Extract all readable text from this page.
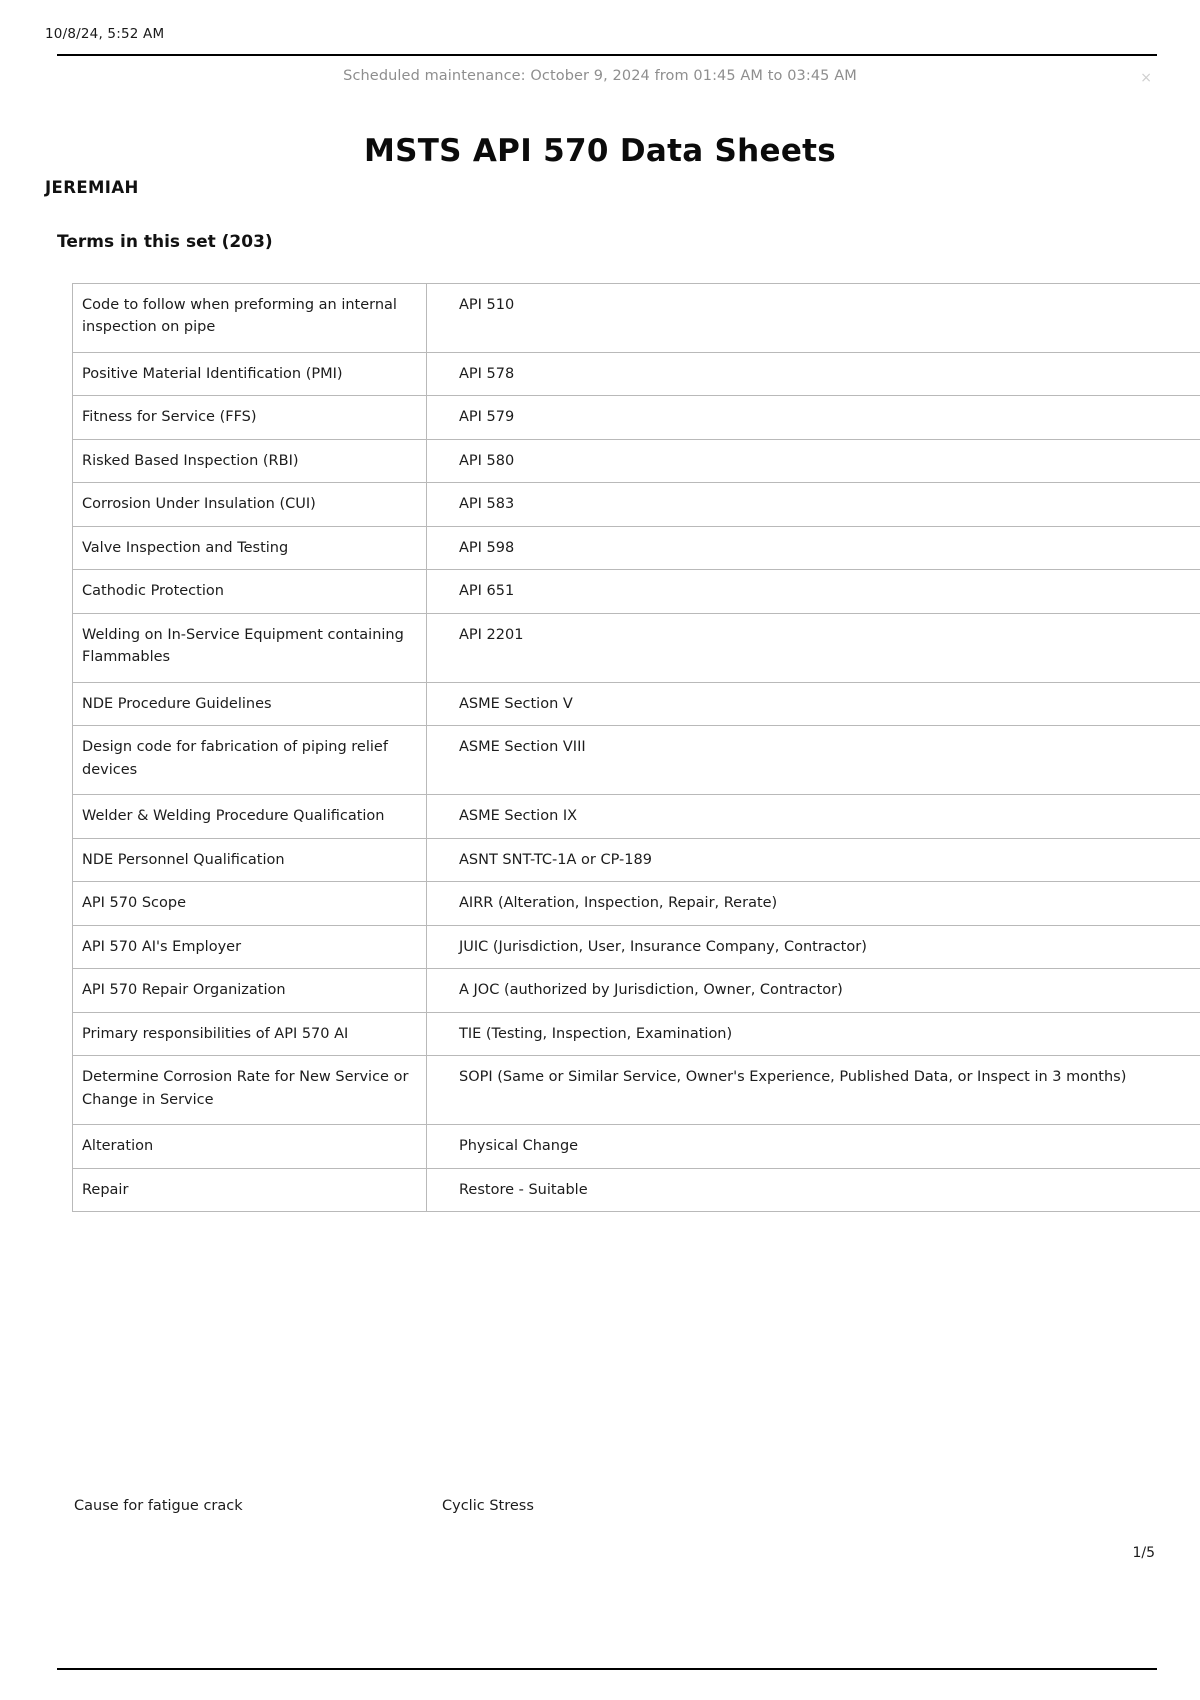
10/8/24, 5:52 AM
Scheduled maintenance: October 9, 2024 from 01:45 AM to 03:45 AM	×
MSTS API 570 Data Sheets
JEREMIAH
Terms in this set (203)
Code to follow when preforming an internal inspection on pipe	API 510
Positive Material Identification (PMI)	API 578
Fitness for Service (FFS)	API 579
Risked Based Inspection (RBI)	API 580
Corrosion Under Insulation (CUI)	API 583
Valve Inspection and Testing	API 598
Cathodic Protection	API 651
Welding on In-Service Equipment containing Flammables	API 2201
NDE Procedure Guidelines	ASME Section V
Design code for fabrication of piping relief devices	ASME Section VIII
Welder & Welding Procedure Qualification	ASME Section IX
NDE Personnel Qualification	ASNT SNT-TC-1A or CP-189
API 570 Scope	AIRR (Alteration, Inspection, Repair, Rerate)
API 570 AI's Employer	JUIC (Jurisdiction, User, Insurance Company, Contractor)
API 570 Repair Organization	A JOC (authorized by Jurisdiction, Owner, Contractor)
Primary responsibilities of API 570 AI	TIE (Testing, Inspection, Examination)
Determine Corrosion Rate for New Service or Change in Service	SOPI (Same or Similar Service, Owner's Experience, Published Data, or Inspect in 3 months)
Alteration	Physical Change
Repair	Restore - Suitable
Cause for fatigue crack	Cyclic Stress
1/5
